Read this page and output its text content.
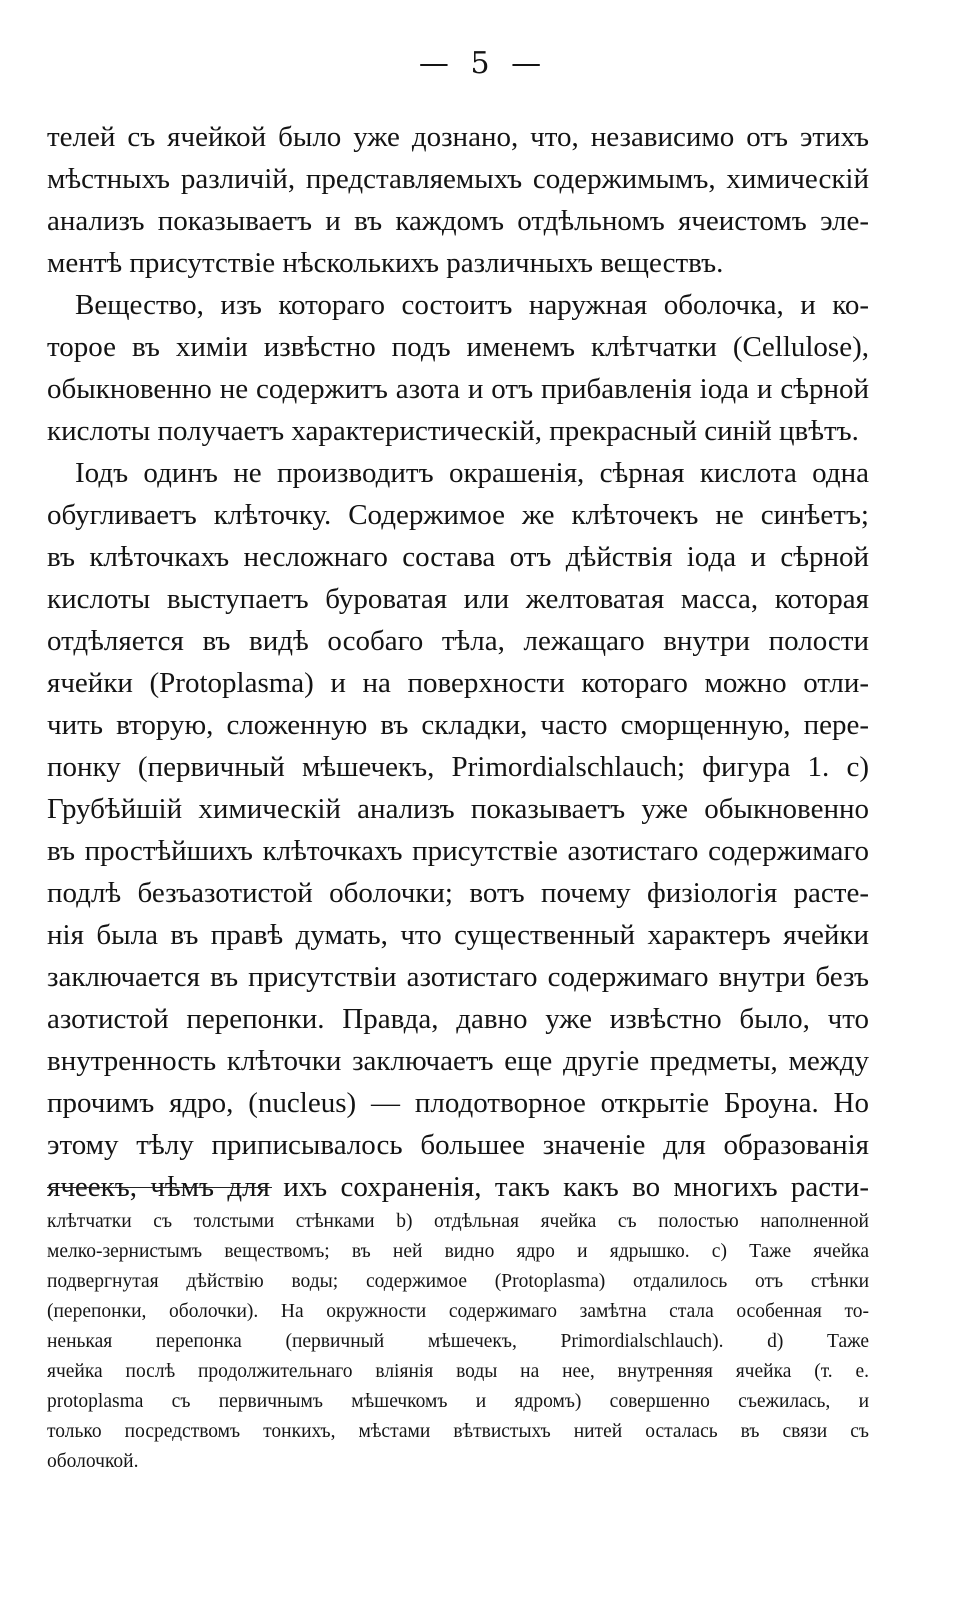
— 5 —
телей съ ячейкой было уже дознано, что, независимо отъ этихъ
мѣстныхъ различій, представляемыхъ содержимымъ, химическій
анализъ показываетъ и въ каждомъ отдѣльномъ ячеистомъ эле-
ментѣ присутствіе нѣсколькихъ различныхъ веществъ.
Вещество, изъ котораго состоитъ наружная оболочка, и ко-
торое въ химіи извѣстно подъ именемъ клѣтчатки (Cellulose),
обыкновенно не содержитъ азота и отъ прибавленія іода и сѣрной
кислоты получаетъ характеристическій, прекрасный синій цвѣтъ.
Іодъ одинъ не производитъ окрашенія, сѣрная кислота одна
обугливаетъ клѣточку. Содержимое же клѣточекъ не синѣетъ;
въ клѣточкахъ несложнаго состава отъ дѣйствія іода и сѣрной
кислоты выступаетъ буроватая или желтоватая масса, которая
отдѣляется въ видѣ особаго тѣла, лежащаго внутри полости
ячейки (Protoplasma) и на поверхности котораго можно отли-
чить вторую, сложенную въ складки, часто сморщенную, пере-
понку (первичный мѣшечекъ, Primordialschlauch; фигура 1. c)
Грубѣйшій химическій анализъ показываетъ уже обыкновенно
въ простѣйшихъ клѣточкахъ присутствіе азотистаго содержимаго
подлѣ безъазотистой оболочки; вотъ почему физіологія расте-
нія была въ правѣ думать, что существенный характеръ ячейки
заключается въ присутствіи азотистаго содержимаго внутри безъ
азотистой перепонки. Правда, давно уже извѣстно было, что
внутренность клѣточки заключаетъ еще другіе предметы, между
прочимъ ядро, (nucleus) — плодотворное открытіе Броуна. Но
этому тѣлу приписывалось большее значеніе для образованія
ячеекъ, чѣмъ для ихъ сохраненія, такъ какъ во многихъ расти-
клѣтчатки съ толстыми стѣнками b) отдѣльная ячейка съ полостью наполненной
мелко-зернистымъ веществомъ; въ ней видно ядро и ядрышко. c) Таже ячейка
подвергнутая дѣйствію воды; содержимое (Protoplasma) отдалилось отъ стѣнки
(перепонки, оболочки). На окружности содержимаго замѣтна стала особенная то-
ненькая перепонка (первичный мѣшечекъ, Primordialschlauch). d) Таже
ячейка послѣ продолжительнаго вліянія воды на нее, внутренняя ячейка (т. е.
protoplasma съ первичнымъ мѣшечкомъ и ядромъ) совершенно съежилась, и
только посредствомъ тонкихъ, мѣстами вѣтвистыхъ нитей осталась въ связи съ
оболочкой.
